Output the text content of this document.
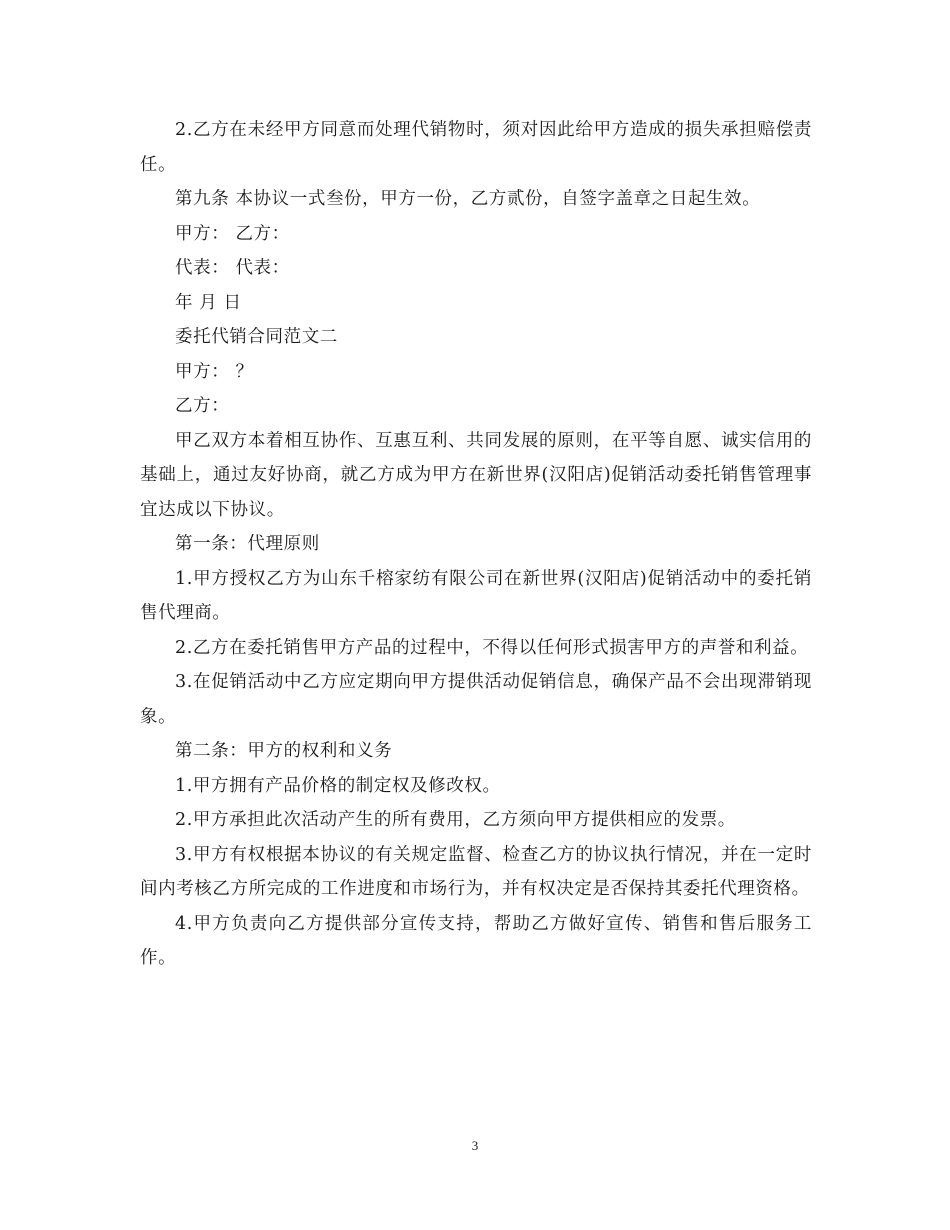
2.乙方在未经甲方同意而处理代销物时，须对因此给甲方造成的损失承担赔偿责任。

第九条 本协议一式叁份，甲方一份，乙方贰份，自签字盖章之日起生效。

甲方： 乙方：

代表： 代表：

年 月 日

委托代销合同范文二

甲方： ？

乙方：

甲乙双方本着相互协作、互惠互利、共同发展的原则，在平等自愿、诚实信用的基础上，通过友好协商，就乙方成为甲方在新世界(汉阳店)促销活动委托销售管理事宜达成以下协议。

第一条：代理原则

1.甲方授权乙方为山东千榕家纺有限公司在新世界(汉阳店)促销活动中的委托销售代理商。

2.乙方在委托销售甲方产品的过程中，不得以任何形式损害甲方的声誉和利益。

3.在促销活动中乙方应定期向甲方提供活动促销信息，确保产品不会出现滞销现象。

第二条：甲方的权利和义务

1.甲方拥有产品价格的制定权及修改权。

2.甲方承担此次活动产生的所有费用，乙方须向甲方提供相应的发票。

3.甲方有权根据本协议的有关规定监督、检查乙方的协议执行情况，并在一定时间内考核乙方所完成的工作进度和市场行为，并有权决定是否保持其委托代理资格。

4.甲方负责向乙方提供部分宣传支持，帮助乙方做好宣传、销售和售后服务工作。

3
